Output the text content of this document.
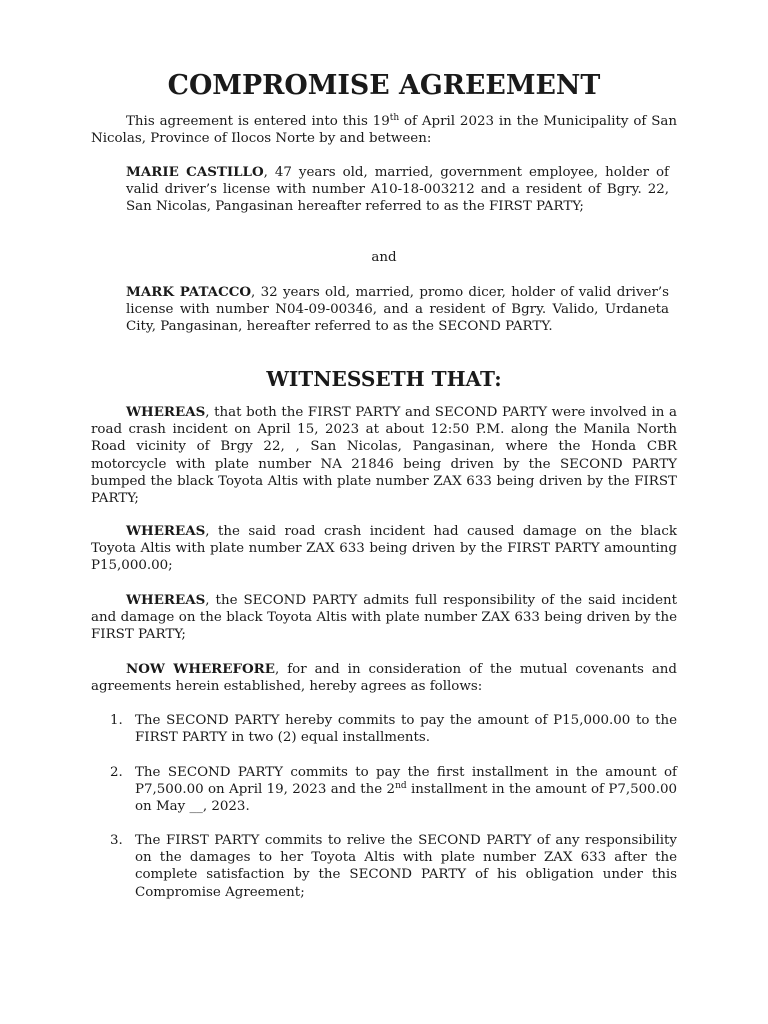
COMPROMISE AGREEMENT

This agreement is entered into this 19th of April 2023 in the Municipality of San Nicolas, Province of Ilocos Norte by and between:

MARIE CASTILLO, 47 years old, married, government employee, holder of valid driver’s license with number A10-18-003212 and a resident of Bgry. 22, San Nicolas, Pangasinan hereafter referred to as the FIRST PARTY;

and

MARK PATACCO, 32 years old, married, promo dicer, holder of valid driver’s license with number N04-09-00346, and a resident of Bgry. Valido, Urdaneta City, Pangasinan, hereafter referred to as the SECOND PARTY.

WITNESSETH THAT:

WHEREAS, that both the FIRST PARTY and SECOND PARTY were involved in a road crash incident on April 15, 2023 at about 12:50 P.M. along the Manila North Road vicinity of Brgy 22, , San Nicolas, Pangasinan, where the Honda CBR motorcycle with plate number NA 21846 being driven by the SECOND PARTY bumped the black Toyota Altis with plate number ZAX 633 being driven by the FIRST PARTY;

WHEREAS, the said road crash incident had caused damage on the black Toyota Altis with plate number ZAX 633 being driven by the FIRST PARTY amounting P15,000.00;

WHEREAS, the SECOND PARTY admits full responsibility of the said incident and damage on the black Toyota Altis with plate number ZAX 633 being driven by the FIRST PARTY;

NOW WHEREFORE, for and in consideration of the mutual covenants and agreements herein established, hereby agrees as follows:

1. The SECOND PARTY hereby commits to pay the amount of P15,000.00 to the FIRST PARTY in two (2) equal installments.

2. The SECOND PARTY commits to pay the first installment in the amount of P7,500.00 on April 19, 2023 and the 2nd installment in the amount of P7,500.00 on May __, 2023.

3. The FIRST PARTY commits to relive the SECOND PARTY of any responsibility on the damages to her Toyota Altis with plate number ZAX 633 after the complete satisfaction by the SECOND PARTY of his obligation under this Compromise Agreement;
